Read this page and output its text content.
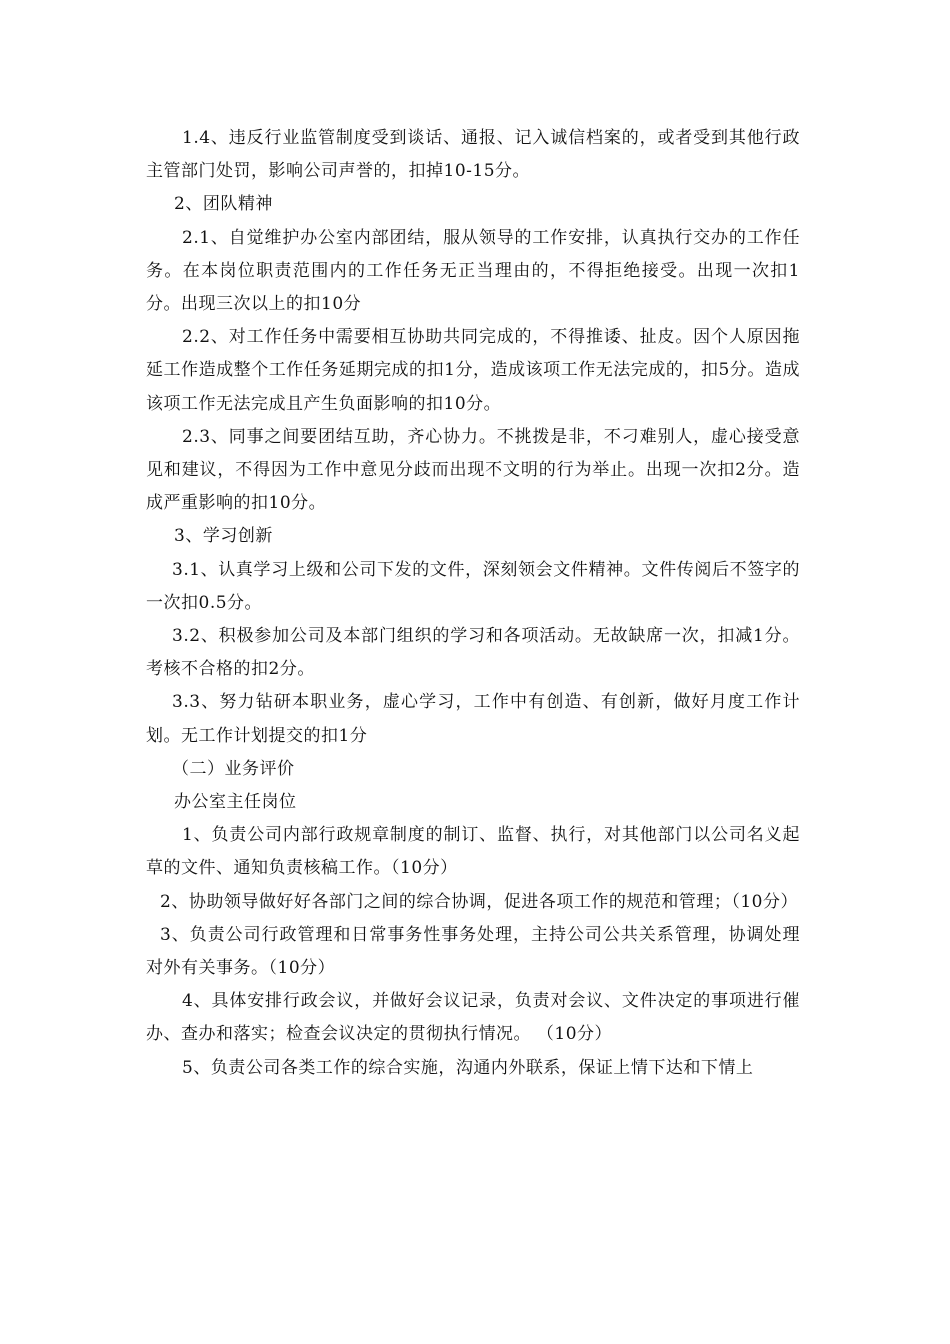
1.4、违反行业监管制度受到谈话、通报、记入诚信档案的，或者受到其他行政主管部门处罚，影响公司声誉的，扣掉10-15分。

2、团队精神

2.1、自觉维护办公室内部团结，服从领导的工作安排，认真执行交办的工作任务。在本岗位职责范围内的工作任务无正当理由的，不得拒绝接受。出现一次扣1分。出现三次以上的扣10分

2.2、对工作任务中需要相互协助共同完成的，不得推诿、扯皮。因个人原因拖延工作造成整个工作任务延期完成的扣1分，造成该项工作无法完成的，扣5分。造成该项工作无法完成且产生负面影响的扣10分。

2.3、同事之间要团结互助，齐心协力。不挑拨是非，不刁难别人，虚心接受意见和建议，不得因为工作中意见分歧而出现不文明的行为举止。出现一次扣2分。造成严重影响的扣10分。

3、学习创新

3.1、认真学习上级和公司下发的文件，深刻领会文件精神。文件传阅后不签字的一次扣0.5分。

3.2、积极参加公司及本部门组织的学习和各项活动。无故缺席一次，扣减1分。考核不合格的扣2分。

3.3、努力钻研本职业务，虚心学习，工作中有创造、有创新，做好月度工作计划。无工作计划提交的扣1分

（二）业务评价

办公室主任岗位

1、负责公司内部行政规章制度的制订、监督、执行，对其他部门以公司名义起草的文件、通知负责核稿工作。（10分）

2、协助领导做好好各部门之间的综合协调，促进各项工作的规范和管理；（10分）

3、负责公司行政管理和日常事务性事务处理，主持公司公共关系管理，协调处理对外有关事务。（10分）

4、具体安排行政会议，并做好会议记录，负责对会议、文件决定的事项进行催办、查办和落实；检查会议决定的贯彻执行情况。 （10分）

5、负责公司各类工作的综合实施，沟通内外联系，保证上情下达和下情上
